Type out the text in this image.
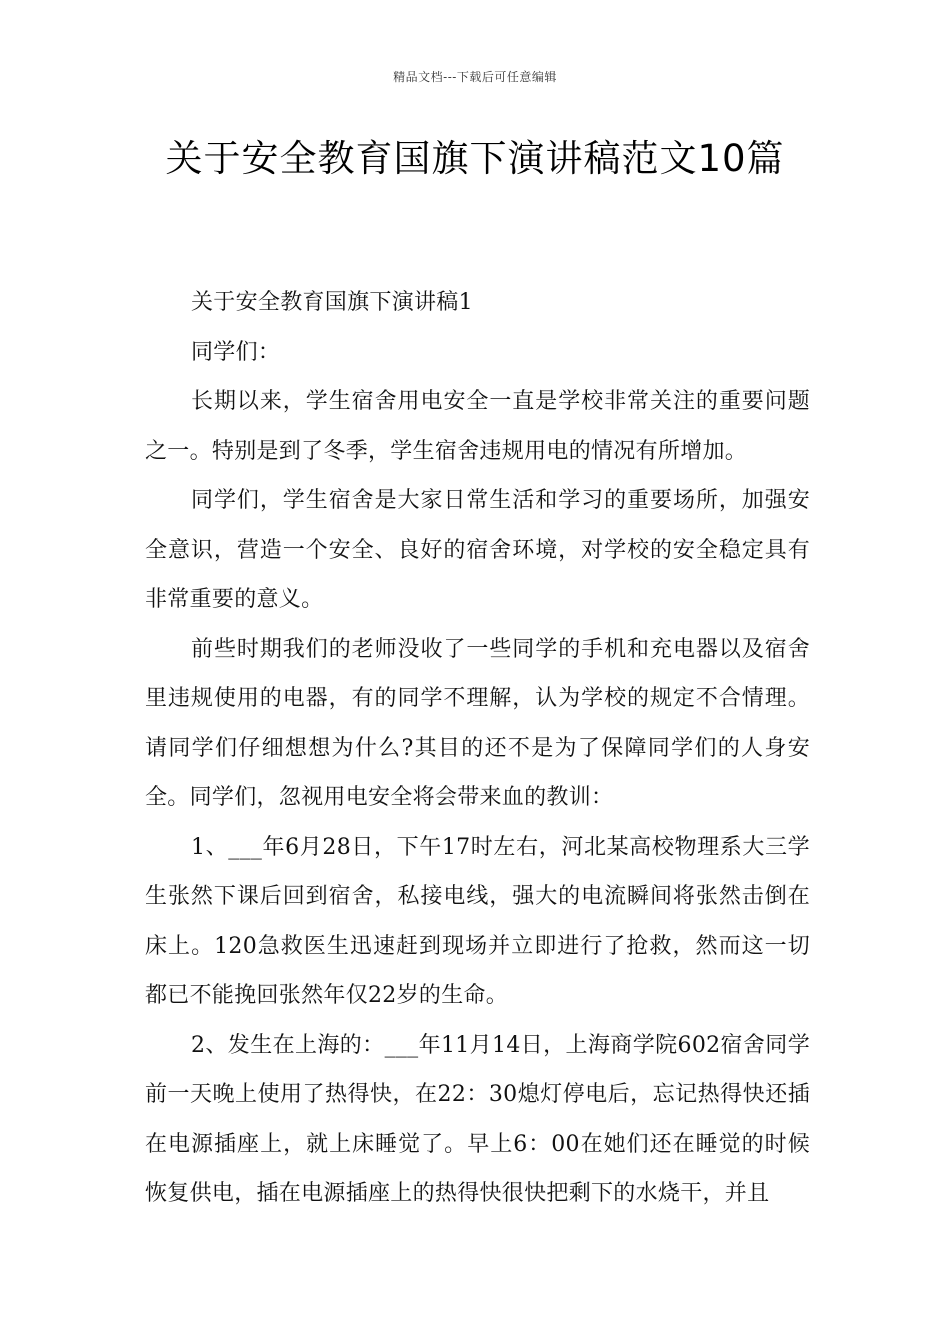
精品文档---下载后可任意编辑
关于安全教育国旗下演讲稿范文10篇

关于安全教育国旗下演讲稿1

同学们：

长期以来，学生宿舍用电安全一直是学校非常关注的重要问题之一。特别是到了冬季，学生宿舍违规用电的情况有所增加。

同学们，学生宿舍是大家日常生活和学习的重要场所，加强安全意识，营造一个安全、良好的宿舍环境，对学校的安全稳定具有非常重要的意义。

前些时期我们的老师没收了一些同学的手机和充电器以及宿舍里违规使用的电器，有的同学不理解，认为学校的规定不合情理。请同学们仔细想想为什么?其目的还不是为了保障同学们的人身安全。同学们，忽视用电安全将会带来血的教训：

1、___年6月28日，下午17时左右，河北某高校物理系大三学生张然下课后回到宿舍，私接电线，强大的电流瞬间将张然击倒在床上。120急救医生迅速赶到现场并立即进行了抢救，然而这一切都已不能挽回张然年仅22岁的生命。

2、发生在上海的：___年11月14日，上海商学院602宿舍同学前一天晚上使用了热得快，在22：30熄灯停电后，忘记热得快还插在电源插座上，就上床睡觉了。早上6：00在她们还在睡觉的时候恢复供电，插在电源插座上的热得快很快把剩下的水烧干，并且
